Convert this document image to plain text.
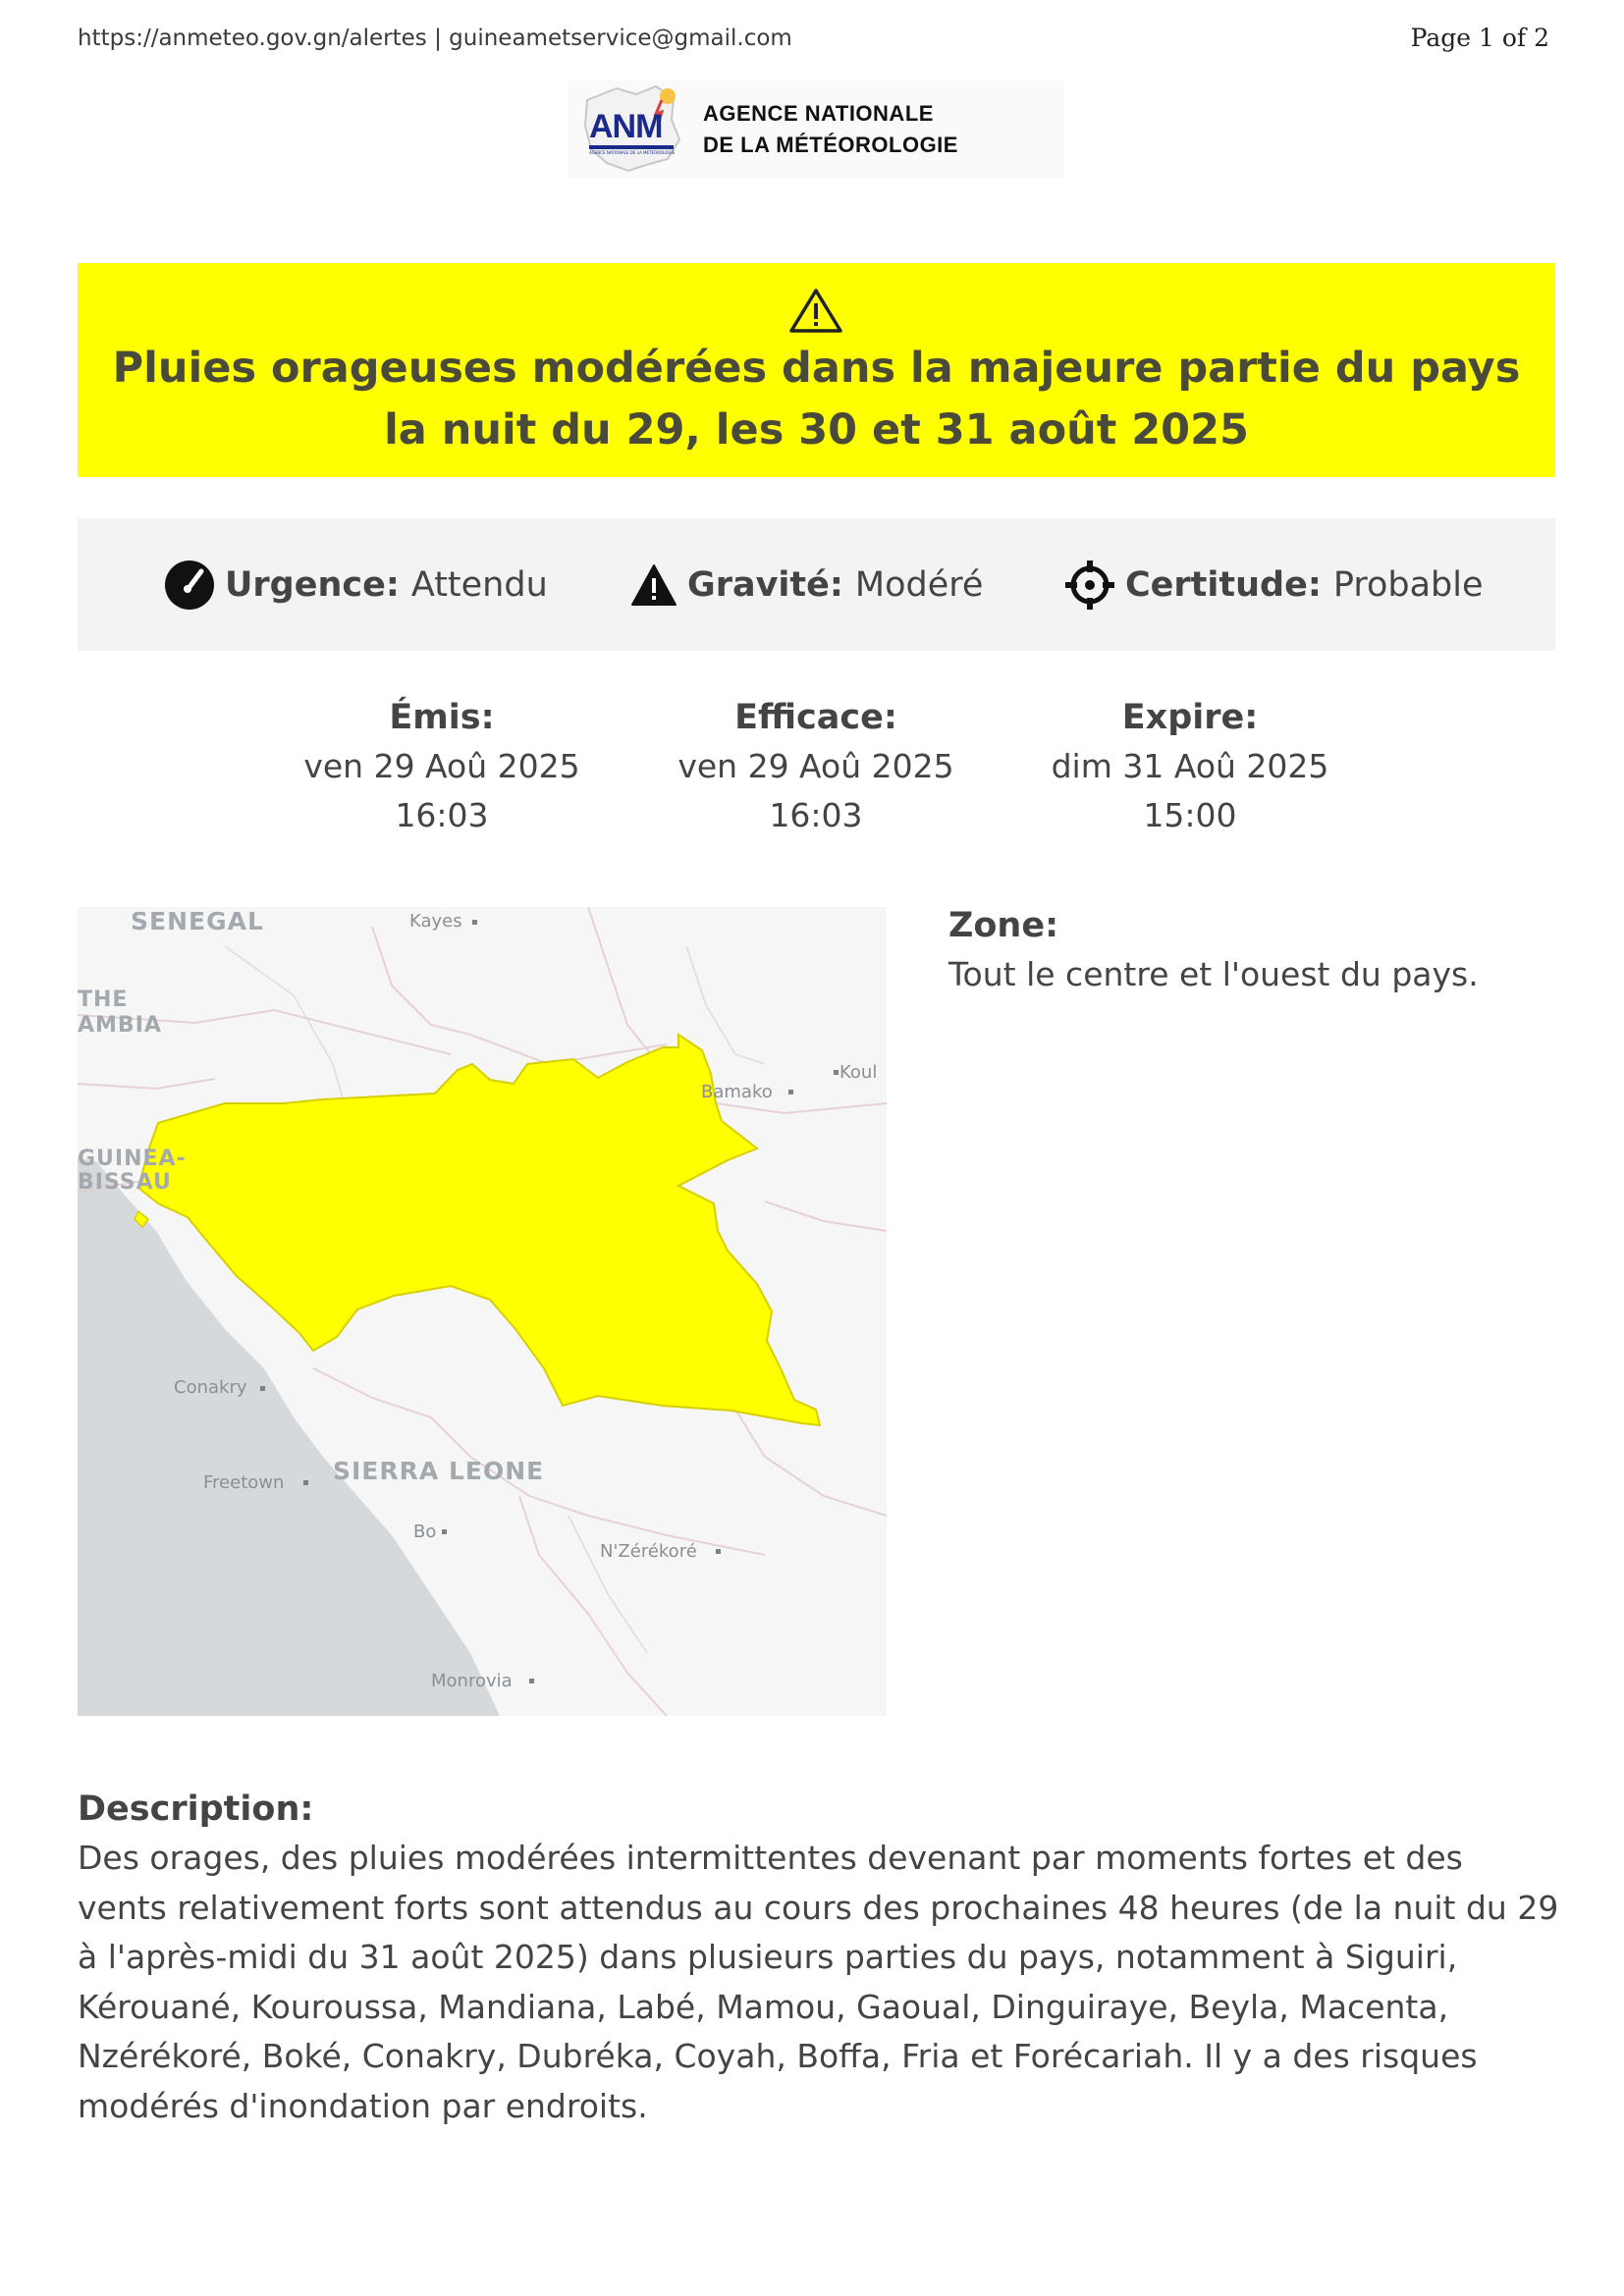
https://anmeteo.gov.gn/alertes | guineametservice@gmail.com	Page 1 of 2
ANM
AGENCE NATIONALE DE LA MÉTÉOROLOGIE
AGENCE NATIONALE
DE LA MÉTÉOROLOGIE
Pluies orageuses modérées dans la majeure partie du pays
la nuit du 29, les 30 et 31 août 2025
Urgence: Attendu	Gravité: Modéré	Certitude: Probable
Émis:
ven 29 Aoû 2025
16:03
Efficace:
ven 29 Aoû 2025
16:03
Expire:
dim 31 Aoû 2025
15:00
SENEGAL	Kayes
THE
AMBIA
Bamako
Koul
GUINEA-
BISSAU
Conakry
Freetown SIERRA LEONE
Bo
N'Zérékoré
Monrovia
Zone:
Tout le centre et l'ouest du pays.
Description:
Des orages, des pluies modérées intermittentes devenant par moments fortes et des vents relativement forts sont attendus au cours des prochaines 48 heures (de la nuit du 29 à l'après-midi du 31 août 2025) dans plusieurs parties du pays, notamment à Siguiri, Kérouané, Kouroussa, Mandiana, Labé, Mamou, Gaoual, Dinguiraye, Beyla, Macenta, Nzérékoré, Boké, Conakry, Dubréka, Coyah, Boffa, Fria et Forécariah. Il y a des risques modérés d'inondation par endroits.
